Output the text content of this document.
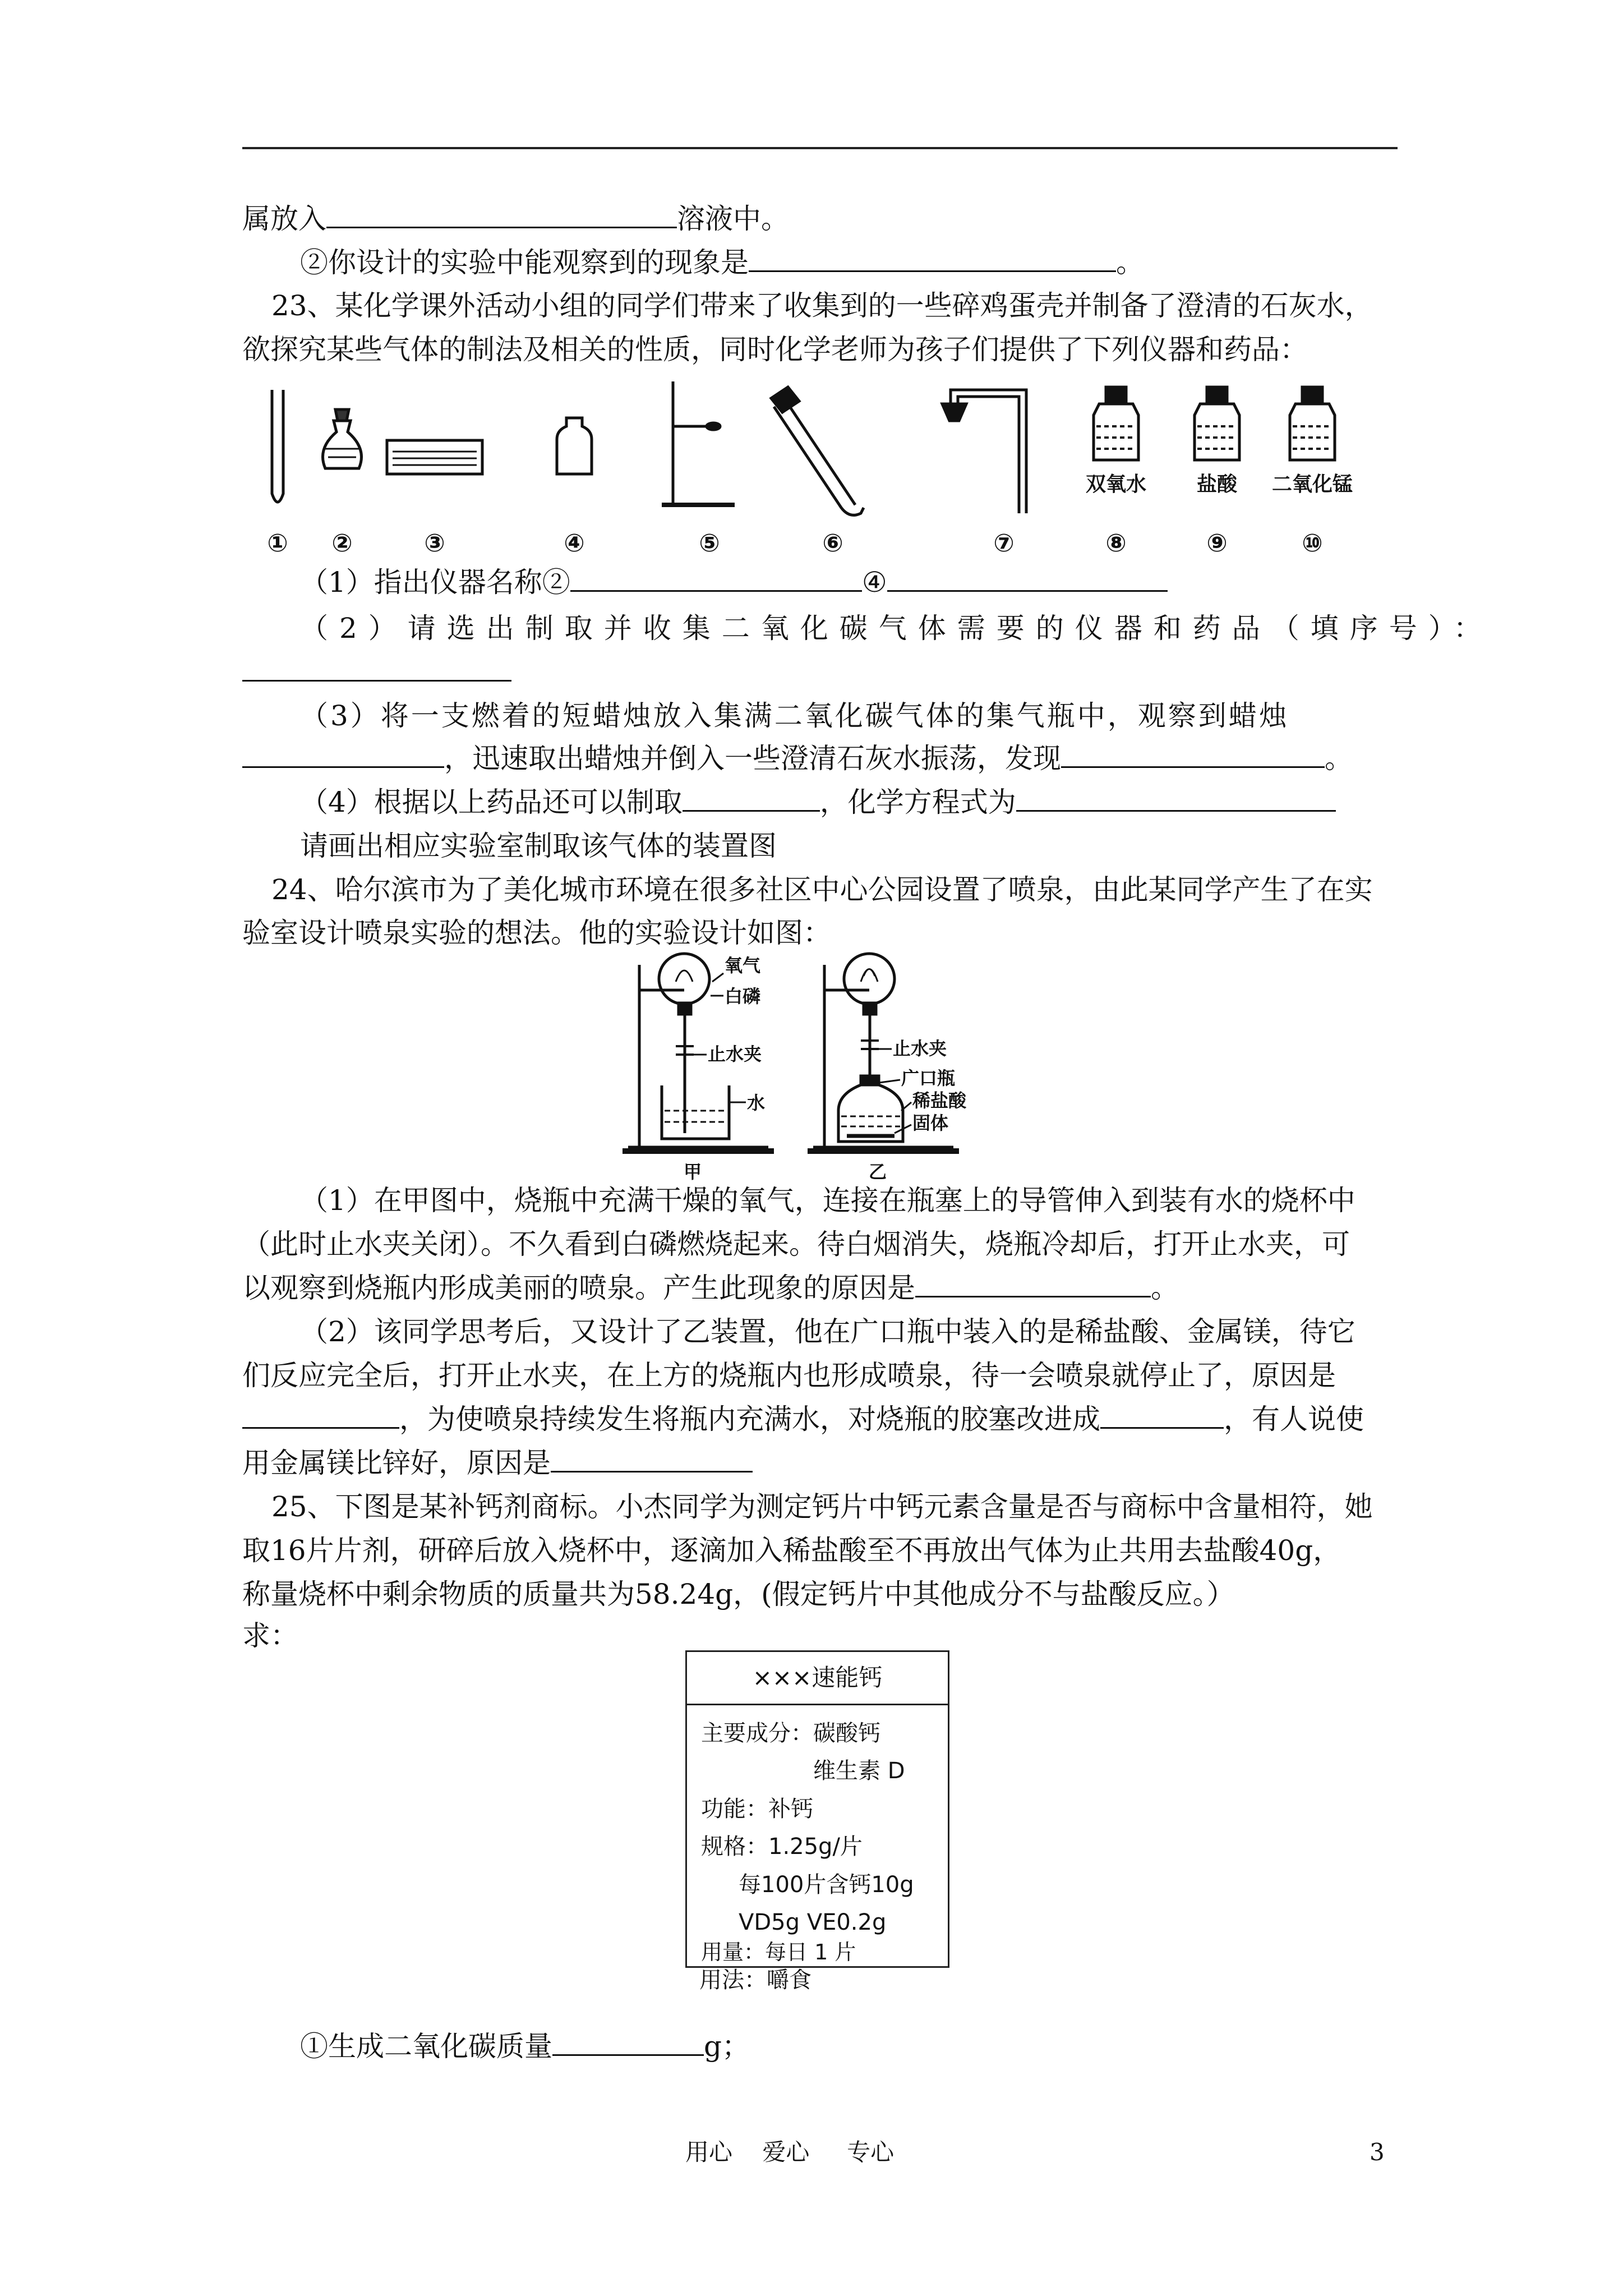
属放入	溶液中。
②你设计的实验中能观察到的现象是	。
23、某化学课外活动小组的同学们带来了收集到的一些碎鸡蛋壳并制备了澄清的石灰水，
欲探究某些气体的制法及相关的性质，同时化学老师为孩子们提供了下列仪器和药品：
双氧水 盐酸 二氧化锰
① ②	③	④	⑤	⑥	⑦	⑧	⑨	⑩
（1）指出仪器名称②	④
（2）请选出制取并收集二氧化碳气体需要的仪器和药品（填序号）：
（3）将一支燃着的短蜡烛放入集满二氧化碳气体的集气瓶中，观察到蜡烛
，迅速取出蜡烛并倒入一些澄清石灰水振荡，发现	。
（4）根据以上药品还可以制取	，化学方程式为
请画出相应实验室制取该气体的装置图
24、哈尔滨市为了美化城市环境在很多社区中心公园设置了喷泉，由此某同学产生了在实
验室设计喷泉实验的想法。他的实验设计如图：
氧气
白磷
止水夹
水
止水夹
广口瓶
稀盐酸
固体
甲	乙
（1）在甲图中，烧瓶中充满干燥的氧气，连接在瓶塞上的导管伸入到装有水的烧杯中
（此时止水夹关闭）。不久看到白磷燃烧起来。待白烟消失，烧瓶冷却后，打开止水夹，可
以观察到烧瓶内形成美丽的喷泉。产生此现象的原因是	。
（2）该同学思考后，又设计了乙装置，他在广口瓶中装入的是稀盐酸、金属镁，待它
们反应完全后，打开止水夹，在上方的烧瓶内也形成喷泉，待一会喷泉就停止了，原因是
，为使喷泉持续发生将瓶内充满水，对烧瓶的胶塞改进成	，有人说使
用金属镁比锌好，原因是
25、下图是某补钙剂商标。小杰同学为测定钙片中钙元素含量是否与商标中含量相符，她
取16片片剂，研碎后放入烧杯中，逐滴加入稀盐酸至不再放出气体为止共用去盐酸40g，
称量烧杯中剩余物质的质量共为58.24g，(假定钙片中其他成分不与盐酸反应。）
求：
×××速能钙
主要成分：碳酸钙
维生素 D
功能：补钙
规格：1.25g/片
每100片含钙10g
VD5g VE0.2g
用量：每日 1 片
用法：嚼食
①生成二氧化碳质量	g；
用心    爱心     专心	3
